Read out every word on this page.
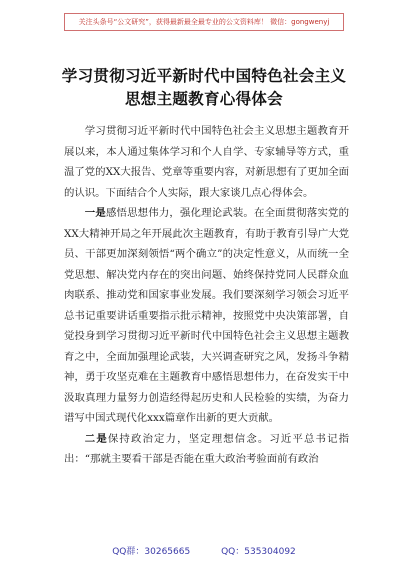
关注头条号“公文研究”，获得最新最全最专业的公文资料库！ 微信：gongwenyj
学习贯彻习近平新时代中国特色社会主义
思想主题教育心得体会

学习贯彻习近平新时代中国特色社会主义思想主题教育开展以来，本人通过集体学习和个人自学、专家辅导等方式，重温了党的XX大报告、党章等重要内容，对新思想有了更加全面的认识。下面结合个人实际，跟大家谈几点心得体会。

一是感悟思想伟力，强化理论武装。在全面贯彻落实党的XX大精神开局之年开展此次主题教育，有助于教育引导广大党员、干部更加深刻领悟“两个确立”的决定性意义，从而统一全党思想、解决党内存在的突出问题、始终保持党同人民群众血肉联系、推动党和国家事业发展。我们要深刻学习领会习近平总书记重要讲话重要指示批示精神，按照党中央决策部署，自觉投身到学习贯彻习近平新时代中国特色社会主义思想主题教育之中，全面加强理论武装，大兴调查研究之风，发扬斗争精神，勇于攻坚克难在主题教育中感悟思想伟力，在奋发实干中汲取真理力量努力创造经得起历史和人民检验的实绩，为奋力谱写中国式现代化xxx篇章作出新的更大贡献。

二是保持政治定力，坚定理想信念。习近平总书记指出：“那就主要看干部是否能在重大政治考验面前有政治

QQ群：30265665	QQ：535304092
